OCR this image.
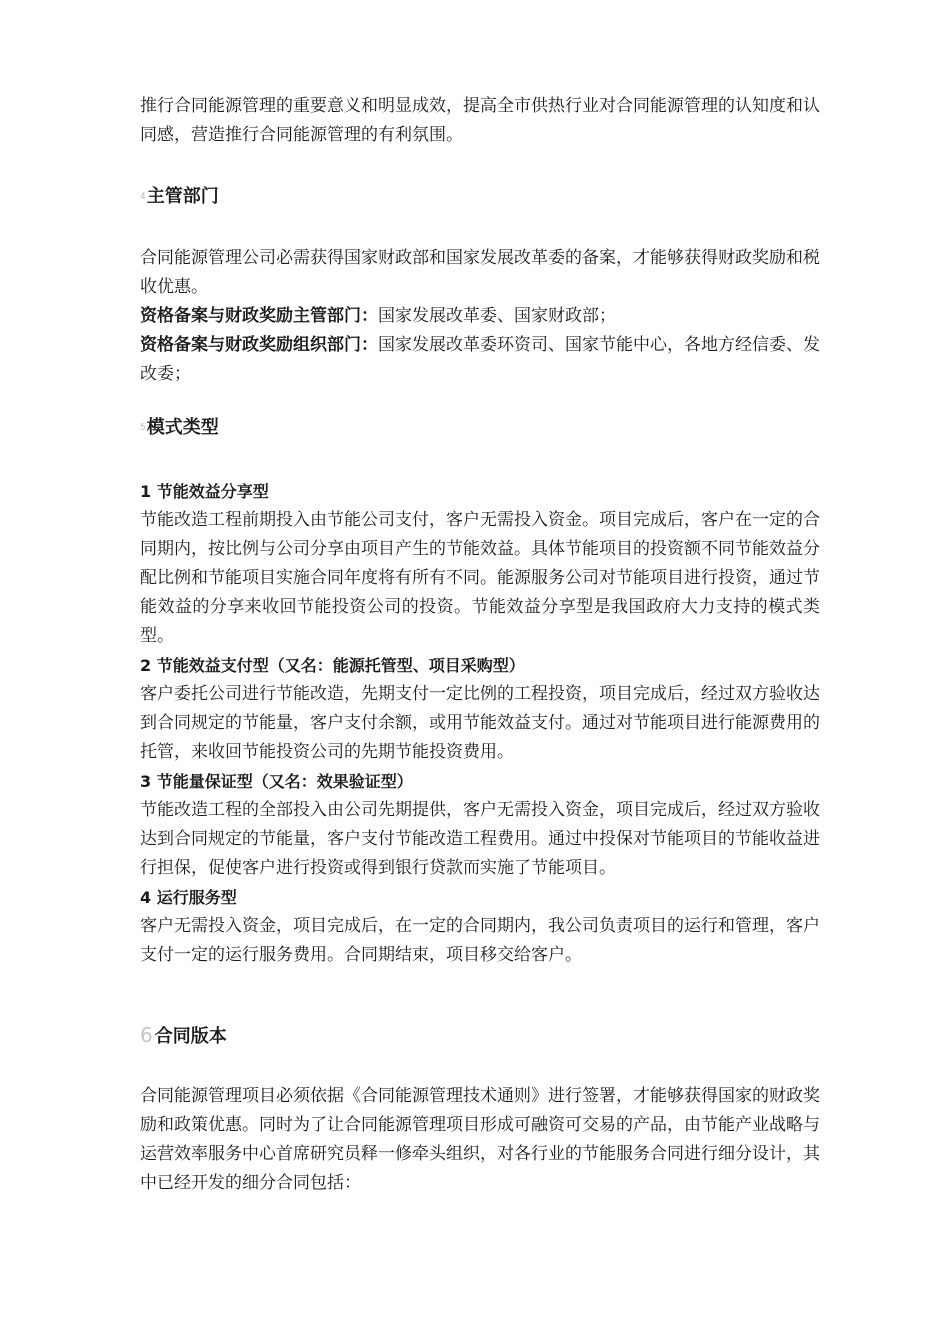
推行合同能源管理的重要意义和明显成效，提高全市供热行业对合同能源管理的认知度和认同感，营造推行合同能源管理的有利氛围。

$^4$主管部门

合同能源管理公司必需获得国家财政部和国家发展改革委的备案，才能够获得财政奖励和税收优惠。

资格备案与财政奖励主管部门：国家发展改革委、国家财政部；

资格备案与财政奖励组织部门：国家发展改革委环资司、国家节能中心，各地方经信委、发改委；

$^5$模式类型

1 节能效益分享型

节能改造工程前期投入由节能公司支付，客户无需投入资金。项目完成后，客户在一定的合同期内，按比例与公司分享由项目产生的节能效益。具体节能项目的投资额不同节能效益分配比例和节能项目实施合同年度将有所有不同。能源服务公司对节能项目进行投资，通过节能效益的分享来收回节能投资公司的投资。节能效益分享型是我国政府大力支持的模式类型。

2 节能效益支付型（又名：能源托管型、项目采购型）

客户委托公司进行节能改造，先期支付一定比例的工程投资，项目完成后，经过双方验收达到合同规定的节能量，客户支付余额，或用节能效益支付。通过对节能项目进行能源费用的托管，来收回节能投资公司的先期节能投资费用。

3 节能量保证型（又名：效果验证型）

节能改造工程的全部投入由公司先期提供，客户无需投入资金，项目完成后，经过双方验收达到合同规定的节能量，客户支付节能改造工程费用。通过中投保对节能项目的节能收益进行担保，促使客户进行投资或得到银行贷款而实施了节能项目。

4 运行服务型

客户无需投入资金，项目完成后，在一定的合同期内，我公司负责项目的运行和管理，客户支付一定的运行服务费用。合同期结束，项目移交给客户。

6 合同版本

合同能源管理项目必须依据《合同能源管理技术通则》进行签署，才能够获得国家的财政奖励和政策优惠。同时为了让合同能源管理项目形成可融资可交易的产品，由节能产业战略与运营效率服务中心首席研究员释一修牵头组织，对各行业的节能服务合同进行细分设计，其中已经开发的细分合同包括：
